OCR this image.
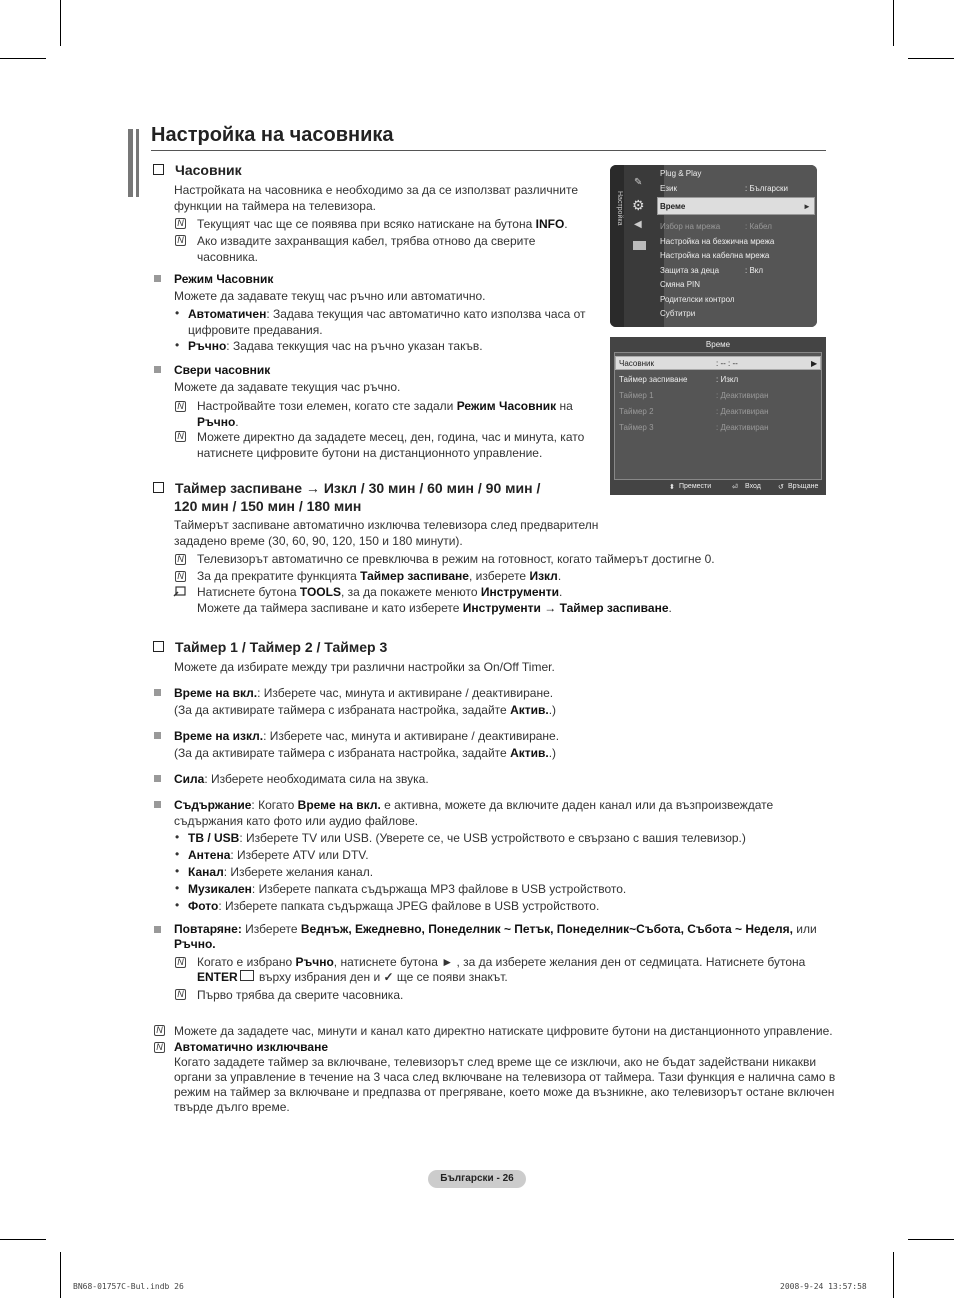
Настройка на часовника
Часовник
Настройката на часовника е необходимо за да се използват различните
функции на таймера на телевизора.
N Текущият час ще се появява при всяко натискане на бутона INFO.
N Ако извадите захранващия кабел, трябва отново да сверите
часовника.
Режим Часовник
Можете да задавате текущ час ръчно или автоматично.
• Автоматичен: Задава текущия час автоматично като използва часа от
цифровите предавания.
• Ръчно: Задава теккущия час на ръчно указан такъв.
Свери часовник
Можете да задавате текущия час ръчно.
N Настройвайте този елемен, когато сте задали Режим Часовник на
Ръчно.
N Можете директно да зададете месец, ден, година, час и минута, като
натиснете цифровите бутони на дистанционното управление.
Таймер заспиване → Изкл / 30 мин / 60 мин / 90 мин /
120 мин / 150 мин / 180 мин
Таймерът заспиване автоматично изключва телевизора след предварителн
зададено време (30, 60, 90, 120, 150 и 180 минути).
N Телевизорът автоматично се превключва в режим на готовност, когато таймерът достигне 0.
N За да прекратите функцията Таймер заспиване, изберете Изкл.
Натиснете бутона TOOLS, за да покажете менюто Инструменти.
Можете да таймера заспиване и като изберете Инструменти → Таймер заспиване.
Таймер 1 / Таймер 2 / Таймер 3
Можете да избирате между три различни настройки за On/Off Timer.
Време на вкл.: Изберете час, минута и активиране / деактивиране.
(За да активирате таймера с избраната настройка, задайте Актив..)
Време на изкл.: Изберете час, минута и активиране / деактивиране.
(За да активирате таймера с избраната настройка, задайте Актив..)
Сила: Изберете необходимата сила на звука.
Съдържание: Когато Време на вкл. е активна, можете да включите даден канал или да възпроизвеждате
съдържания като фото или аудио файлове.
• TB / USB: Изберете TV или USB. (Уверете се, че USB устройството е свързано с вашия телевизор.)
• Антена: Изберете ATV или DTV.
• Канал: Изберете желания канал.
• Музикален: Изберете папката съдържаща MP3 файлове в USB устройството.
• Фото: Изберете папката съдържаща JPEG файлове в USB устройството.
Повтаряне: Изберете Веднъж, Ежедневно, Понеделник ~ Петък, Понеделник~Събота, Събота ~ Неделя, или
Ръчно.
N Когато е избрано Ръчно, натиснете бутона ► , за да изберете желания ден от седмицата. Натиснете бутона
ENTER върху избрания ден и ✓ ще се появи знакът.
N Първо трябва да сверите часовника.
N Можете да зададете час, минути и канал като директно натискате цифровите бутони на дистанционното управление.
N Автоматично изключване
Когато зададете таймер за включване, телевизорът след време ще се изключи, ако не бъдат задействани никакви
органи за управление в течение на 3 часа след включване на телевизора от таймера. Тази функция е налична само в
режим на таймер за включване и предпазва от прегряване, което може да възникне, ако телевизорът остане включен
твърде дълго време.
Настройка
✎
⚙
◀
Plug & Play
Език	: Български
Време	►
Избор на мрежа	: Кабел
Настройка на безжична мрежа
Настройка на кабелна мрежа
Защита за деца	: Вкл
Смяна PIN
Родителски контрол
Субтитри
Време
Часовник	: -- : --	▶
Таймер заспиване	: Изкл
Таймер 1	: Деактивиран
Таймер 2	: Деактивиран
Таймер 3	: Деактивиран
⬍ Премести	⏎ Вход ↺ Връщане
Български - 26
BN68-01757C-Bul.indb 26	2008-9-24 13:57:58
